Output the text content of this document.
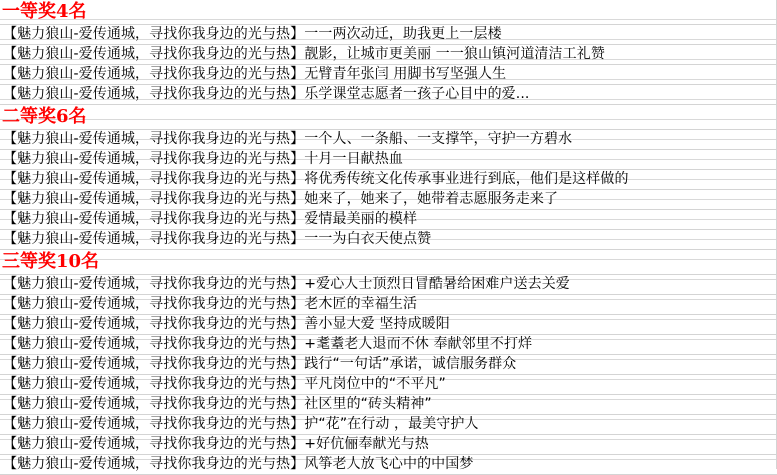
一等奖4名
【魅力狼山-爱传通城，寻找你我身边的光与热】一一两次动迁，助我更上一层楼
【魅力狼山-爱传通城，寻找你我身边的光与热】靓影，让城市更美丽 一一狼山镇河道清洁工礼赞
【魅力狼山-爱传通城，寻找你我身边的光与热】无臂青年张闫 用脚书写坚强人生
【魅力狼山-爱传通城，寻找你我身边的光与热】乐学课堂志愿者一孩子心目中的爱...
二等奖6名
【魅力狼山-爱传通城，寻找你我身边的光与热】一个人、一条船、一支撑竿，守护一方碧水
【魅力狼山-爱传通城，寻找你我身边的光与热】十月一日献热血
【魅力狼山-爱传通城，寻找你我身边的光与热】将优秀传统文化传承事业进行到底，他们是这样做的
【魅力狼山-爱传通城，寻找你我身边的光与热】她来了，她来了，她带着志愿服务走来了
【魅力狼山-爱传通城，寻找你我身边的光与热】爱情最美丽的模样
【魅力狼山-爱传通城，寻找你我身边的光与热】一一为白衣天使点赞
三等奖10名
【魅力狼山-爱传通城，寻找你我身边的光与热】+爱心人士顶烈日冒酷暑给困难户送去关爱
【魅力狼山-爱传通城，寻找你我身边的光与热】老木匠的幸福生活
【魅力狼山-爱传通城，寻找你我身边的光与热】善小显大爱 坚持成暖阳
【魅力狼山-爱传通城，寻找你我身边的光与热】+耄耋老人退而不休 奉献邻里不打烊
【魅力狼山-爱传通城，寻找你我身边的光与热】践行“一句话”承诺，诚信服务群众
【魅力狼山-爱传通城，寻找你我身边的光与热】平凡岗位中的“不平凡”
【魅力狼山-爱传通城，寻找你我身边的光与热】社区里的“砖头精神”
【魅力狼山-爱传通城，寻找你我身边的光与热】护“花”在行动 ，最美守护人
【魅力狼山-爱传通城，寻找你我身边的光与热】+好伉俪奉献光与热
【魅力狼山-爱传通城，寻找你我身边的光与热】风筝老人放飞心中的中国梦
